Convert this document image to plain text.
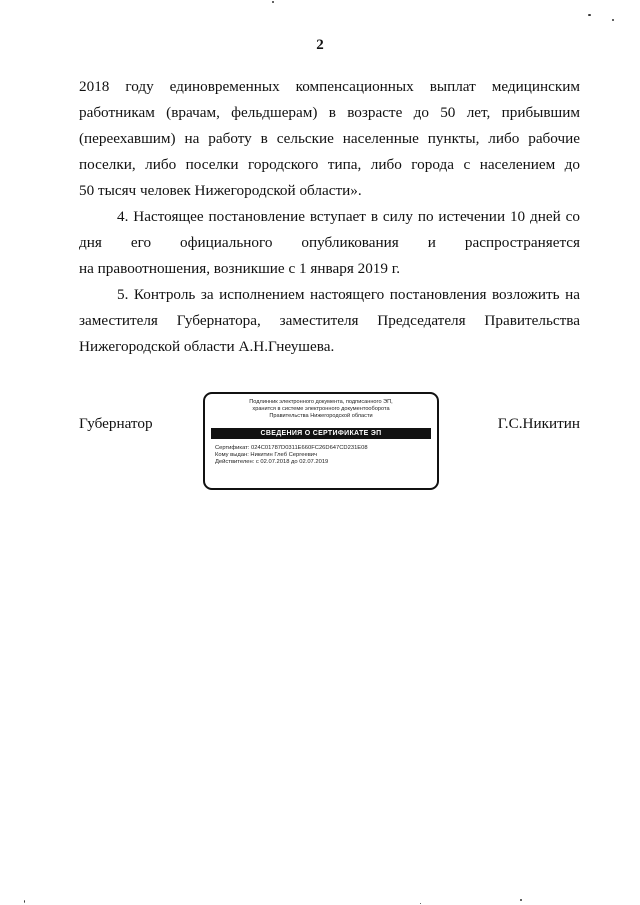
2
2018 году единовременных компенсационных выплат медицинским
работникам (врачам, фельдшерам) в возрасте до 50 лет, прибывшим
(переехавшим) на работу в сельские населенные пункты, либо рабочие
поселки, либо поселки городского типа, либо города с населением до
50 тысяч человек Нижегородской области».
4. Настоящее постановление вступает в силу по истечении 10 дней со
дня его официального опубликования и распространяется
на правоотношения, возникшие с 1 января 2019 г.
5. Контроль за исполнением настоящего постановления возложить на
заместителя Губернатора, заместителя Председателя Правительства
Нижегородской области А.Н.Гнеушева.
Губернатор	Г.С.Никитин
Подлинник электронного документа, подписанного ЭП,
хранится в системе электронного документооборота
Правительства Нижегородской области
СВЕДЕНИЯ О СЕРТИФИКАТЕ ЭП
Сертификат: 024C01787D0311E660FC26D647CD231E08
Кому выдан: Никитин Глеб Сергеевич
Действителен: с 02.07.2018 до 02.07.2019
